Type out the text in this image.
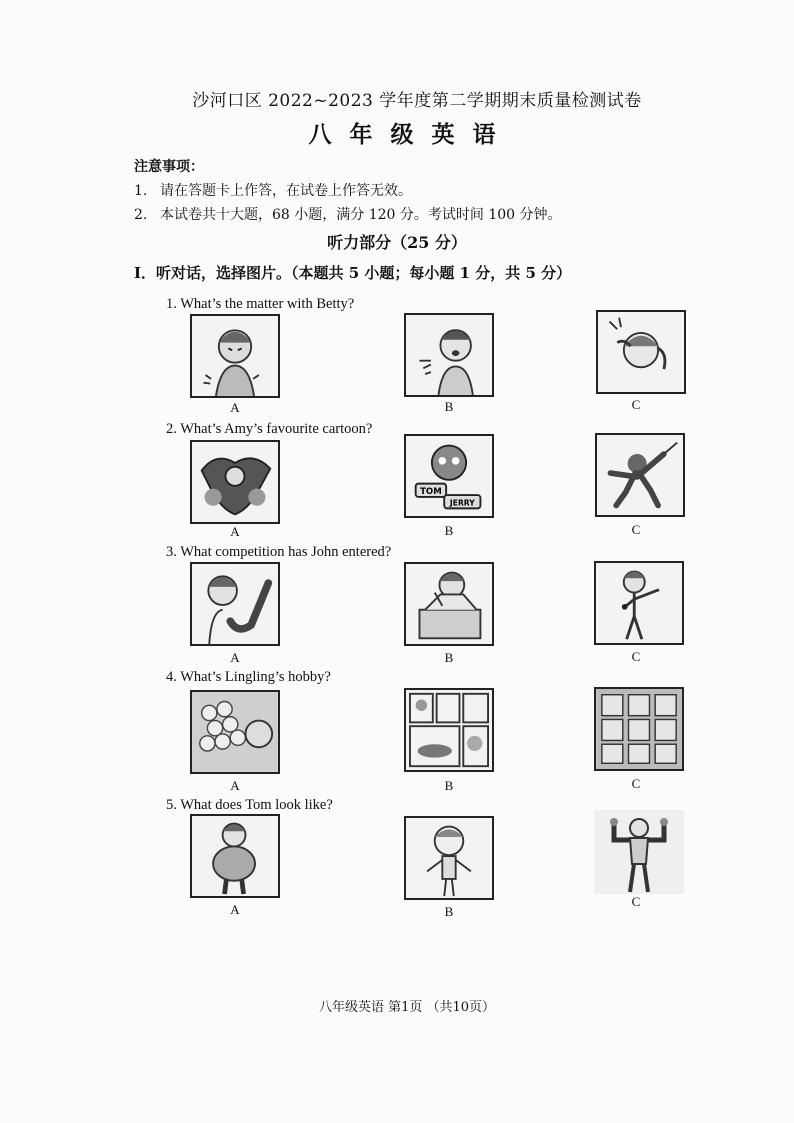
沙河口区 2022~2023 学年度第二学期期末质量检测试卷
八年级英语
注意事项：
1. 请在答题卡上作答，在试卷上作答无效。
2. 本试卷共十大题，68 小题，满分 120 分。考试时间 100 分钟。
听力部分（25 分）
Ⅰ．听对话，选择图片。（本题共 5 小题；每小题 1 分，共 5 分）
1. What’s the matter with Betty?
A	B	C
2. What’s Amy’s favourite cartoon?
TOM
JERRY
A	B	C
3. What competition has John entered?
A	B	C
4. What’s Lingling’s hobby?
A	B	C
5. What does Tom look like?
A	B
C
八年级英语 第1页 （共10页）
